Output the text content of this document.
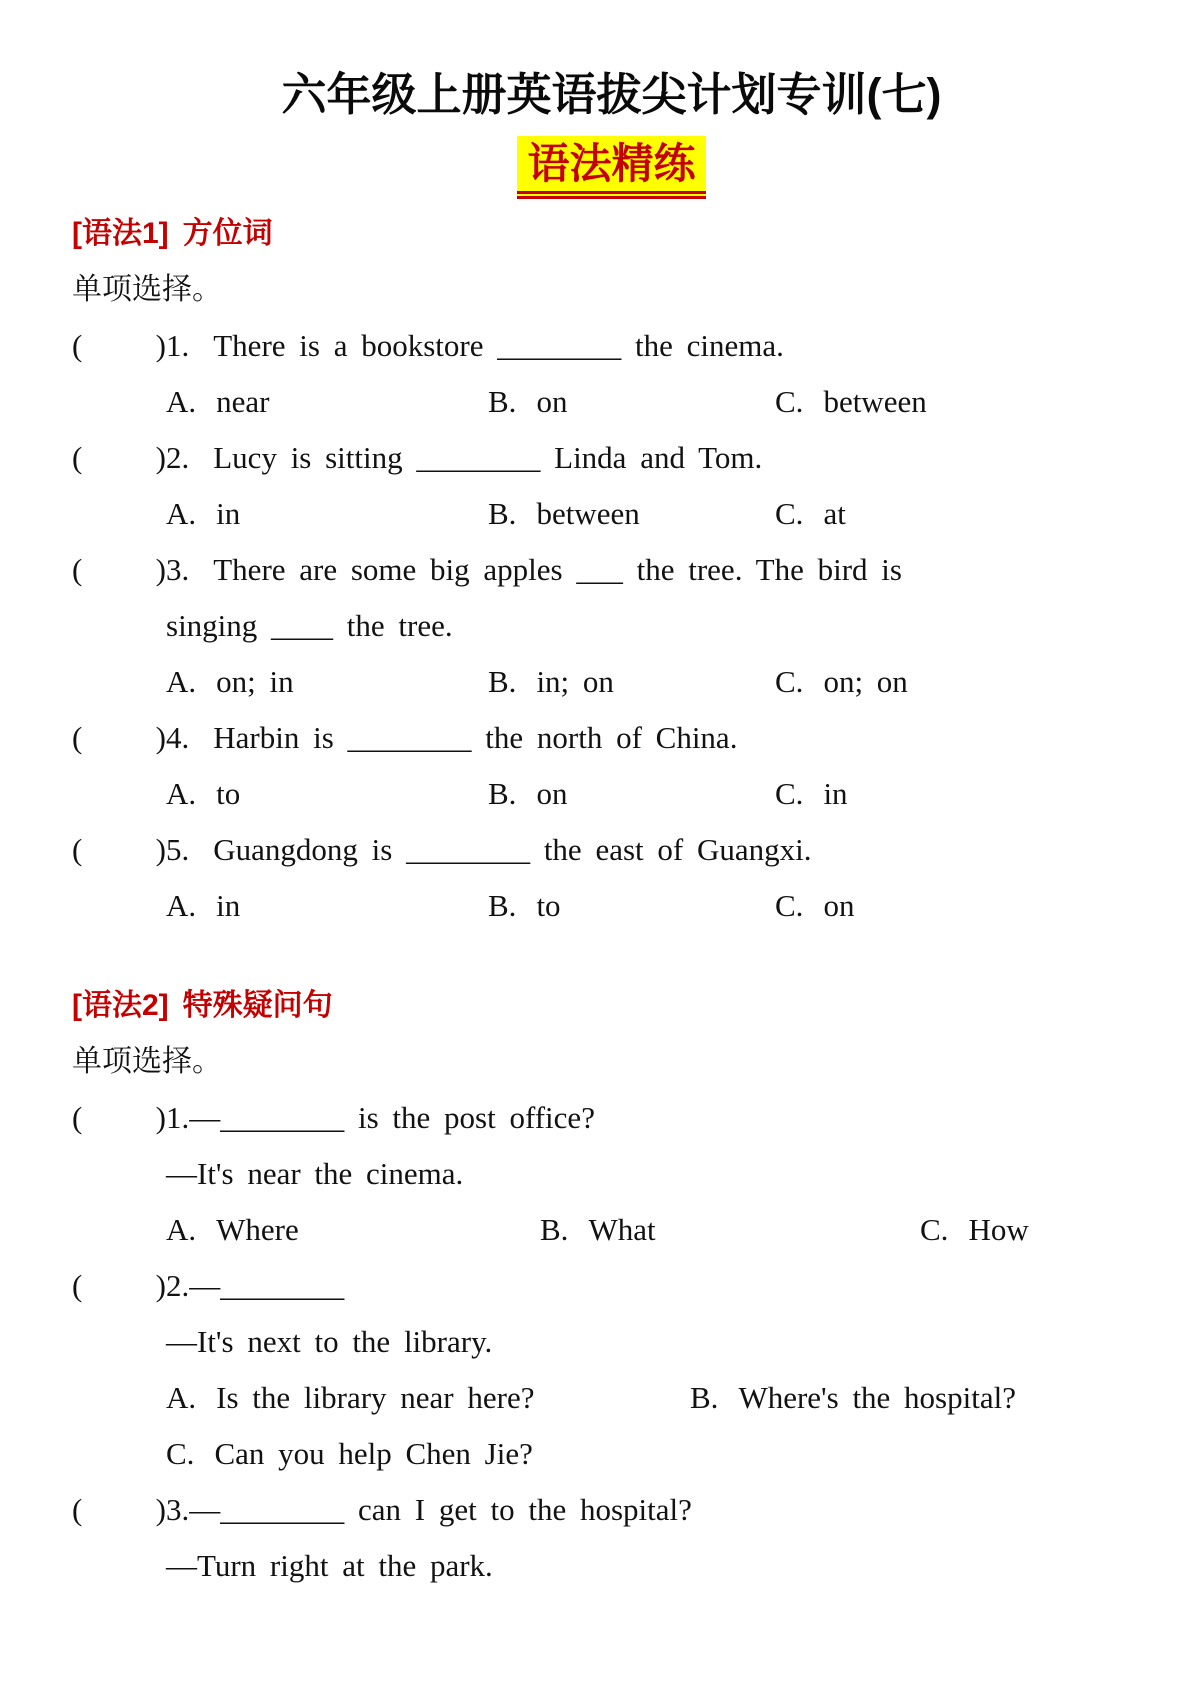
六年级上册英语拔尖计划专训(七)
语法精练
[语法1] 方位词
单项选择。
( ) 1. There is a bookstore ________ the cinema.
A. near	B. on	C. between
( ) 2. Lucy is sitting ________ Linda and Tom.
A. in	B. between	C. at
( ) 3. There are some big apples ___ the tree. The bird is
singing ____ the tree.
A. on; in	B. in; on	C. on; on
( ) 4. Harbin is ________ the north of China.
A. to	B. on	C. in
( ) 5. Guangdong is ________ the east of Guangxi.
A. in	B. to	C. on
[语法2] 特殊疑问句
单项选择。
( ) 1. —________ is the post office?
—It's near the cinema.
A. Where	B. What	C. How
( ) 2. —________
—It's next to the library.
A. Is the library near here?	B. Where's the hospital?
C. Can you help Chen Jie?
( ) 3. —________ can I get to the hospital?
—Turn right at the park.
